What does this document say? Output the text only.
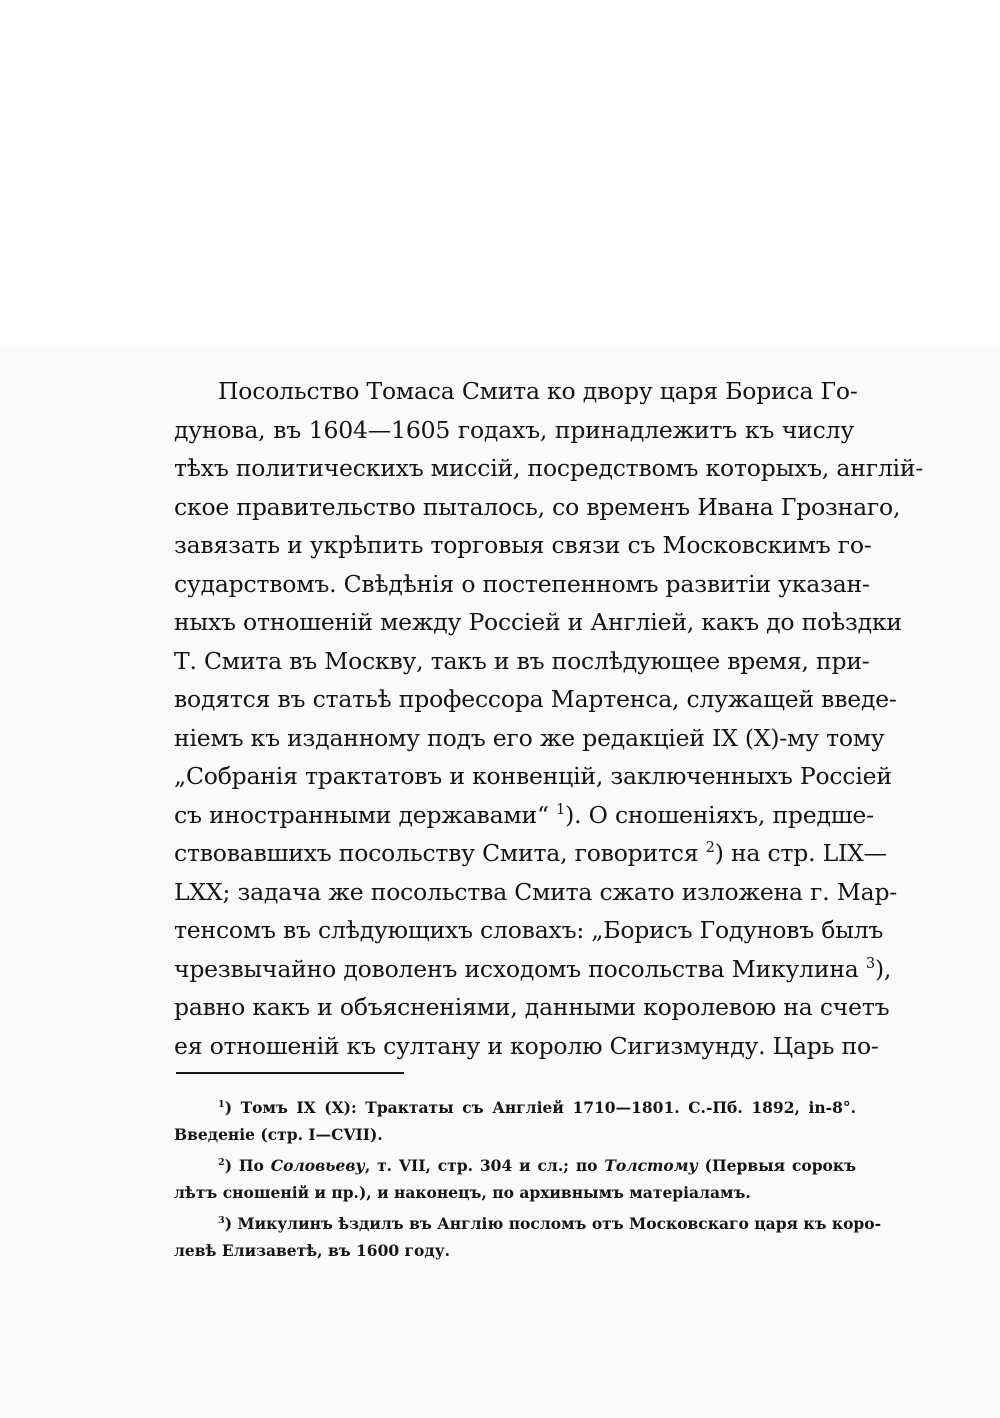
Посольство Томаса Смита ко двору царя Бориса Го-
дунова, въ 1604—1605 годахъ, принадлежитъ къ числу
тѣхъ политическихъ миссій, посредствомъ которыхъ, англій-
ское правительство пыталось, со временъ Ивана Грознаго,
завязать и укрѣпить торговыя связи съ Московскимъ го-
сударствомъ. Свѣдѣнія о постепенномъ развитіи указан-
ныхъ отношеній между Россіей и Англіей, какъ до поѣздки
Т. Смита въ Москву, такъ и въ послѣдующее время, при-
водятся въ статьѣ профессора Мартенса, служащей введе-
ніемъ къ изданному подъ его же редакціей IX (X)-му тому
„Собранія трактатовъ и конвенцій, заключенныхъ Россіей
съ иностранными державами“ $^1$). О сношеніяхъ, предше-
ствовавшихъ посольству Смита, говорится $^2$) на стр. LIX—
LXX; задача же посольства Смита сжато изложена г. Мар-
тенсомъ въ слѣдующихъ словахъ: „Борисъ Годуновъ былъ
чрезвычайно доволенъ исходомъ посольства Микулина $^3$),
равно какъ и объясненіями, данными королевою на счетъ
ея отношеній къ султану и королю Сигизмунду. Царь по-
$^1$) Томъ IX (X): Трактаты съ Англіей 1710—1801. С.-Пб. 1892, in-8°.
Введеніе (стр. I—CVII).
$^2$) По Соловьеву, т. VII, стр. 304 и сл.; по Толстому (Первыя сорокъ
лѣтъ сношеній и пр.), и наконецъ, по архивнымъ матеріаламъ.
$^3$) Микулинъ ѣздилъ въ Англію посломъ отъ Московскаго царя къ коро-
левѣ Елизаветѣ, въ 1600 году.
